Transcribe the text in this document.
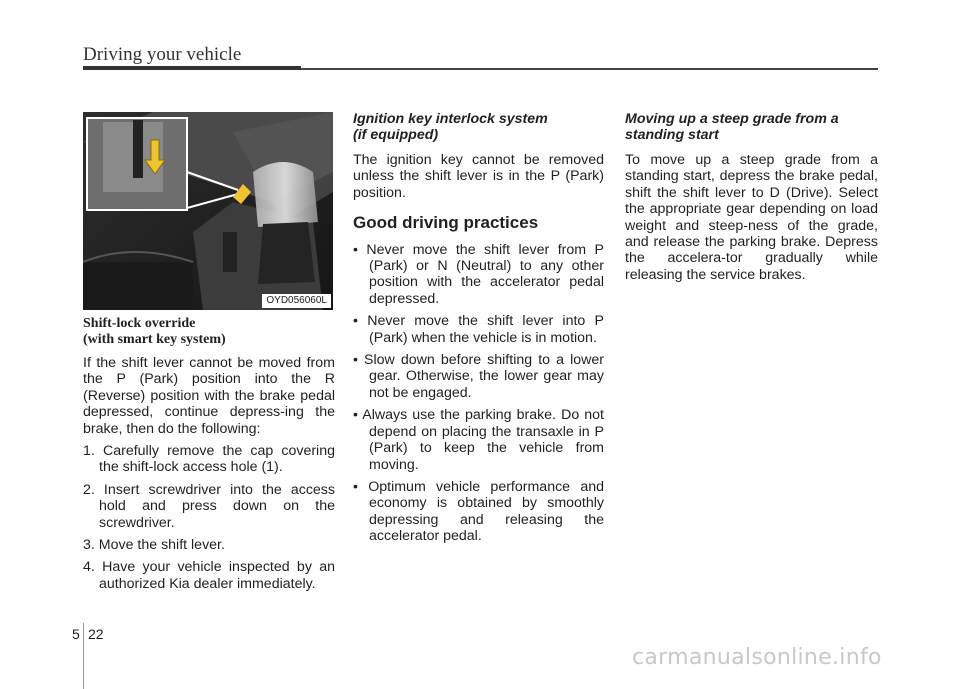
Driving your vehicle
OYD056060L
Shift-lock override
(with smart key system)

If the shift lever cannot be moved from the P (Park) position into the R (Reverse) position with the brake pedal depressed, continue depress-ing the brake, then do the following:

1. Carefully remove the cap covering the shift-lock access hole (1).
2. Insert screwdriver into the access hold and press down on the screwdriver.
3. Move the shift lever.
4. Have your vehicle inspected by an authorized Kia dealer immediately.
Ignition key interlock system
(if equipped)

The ignition key cannot be removed unless the shift lever is in the P (Park) position.

Good driving practices
• Never move the shift lever from P (Park) or N (Neutral) to any other position with the accelerator pedal depressed.
• Never move the shift lever into P (Park) when the vehicle is in motion.
• Slow down before shifting to a lower gear. Otherwise, the lower gear may not be engaged.
• Always use the parking brake. Do not depend on placing the transaxle in P (Park) to keep the vehicle from moving.
• Optimum vehicle performance and economy is obtained by smoothly depressing and releasing the accelerator pedal.
Moving up a steep grade from a
standing start

To move up a steep grade from a standing start, depress the brake pedal, shift the shift lever to D (Drive). Select the appropriate gear depending on load weight and steep-ness of the grade, and release the parking brake. Depress the accelera-tor gradually while releasing the service brakes.

5 22
carmanualsonline.info
